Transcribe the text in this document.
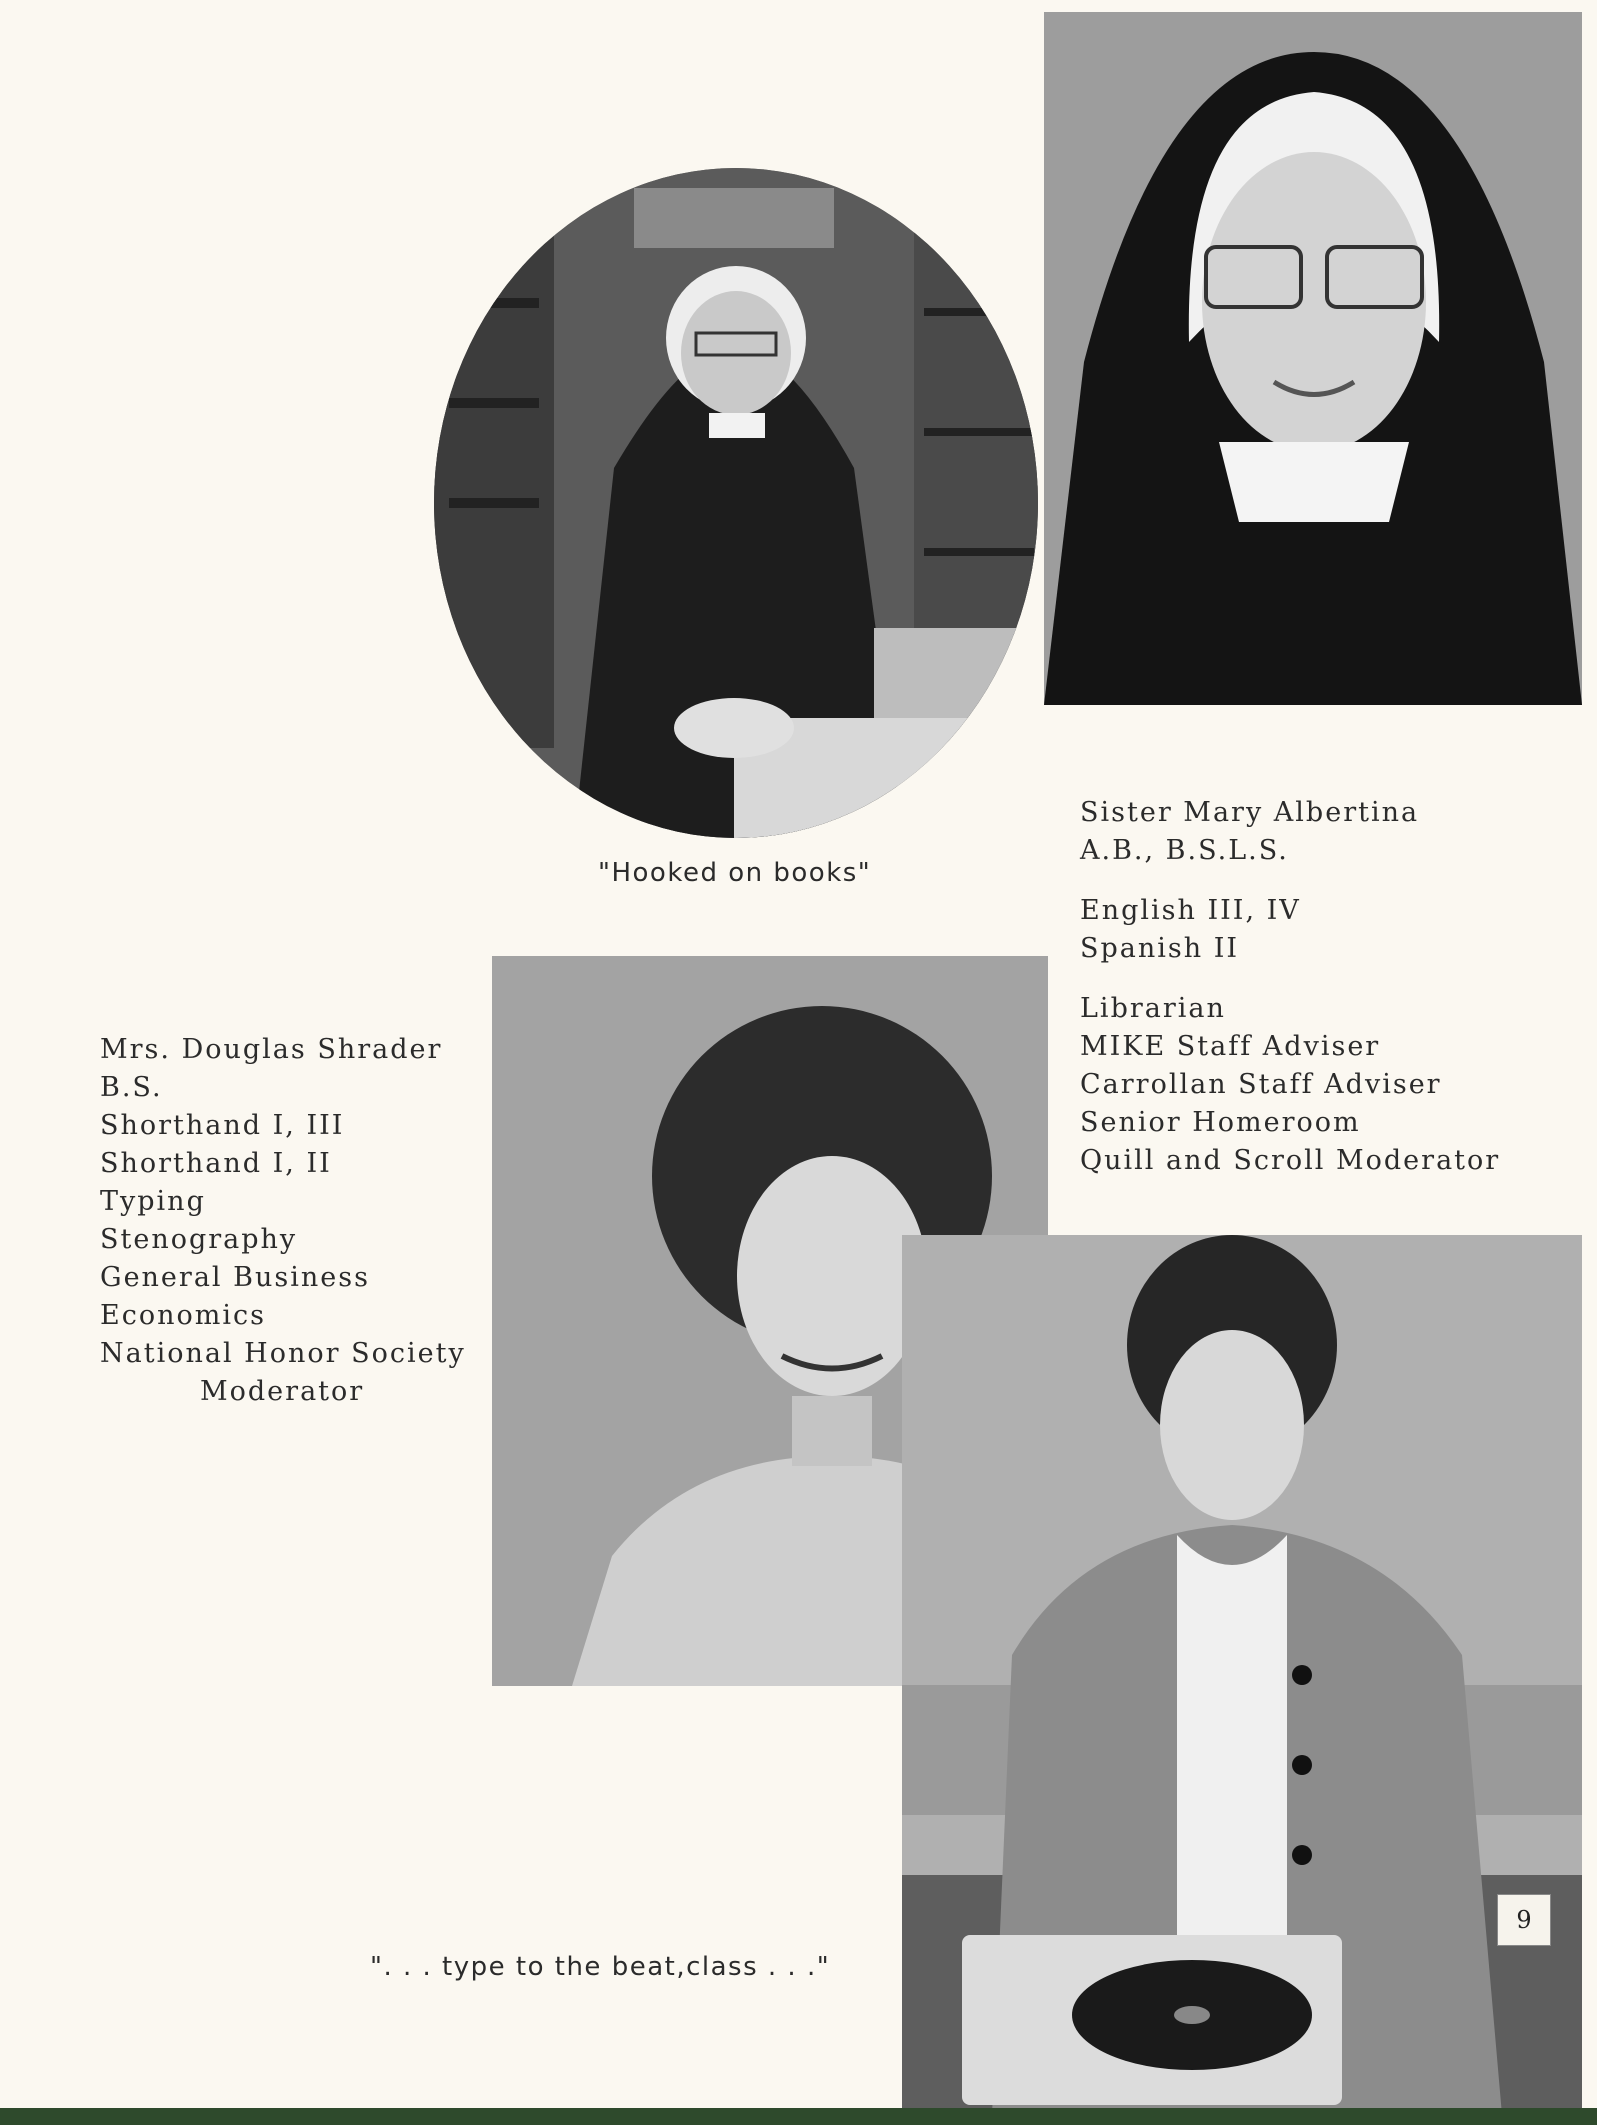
Sister Mary Albertina
A.B., B.S.L.S.
English III, IV
Spanish II
Librarian
MIKE Staff Adviser
Carrollan Staff Adviser
Senior Homeroom
Quill and Scroll Moderator
Mrs. Douglas Shrader
B.S.
Shorthand I, III
Shorthand I, II
Typing
Stenography
General Business
Economics
National Honor Society
Moderator
"Hooked on books"
". . . type to the beat,class . . ."
9
